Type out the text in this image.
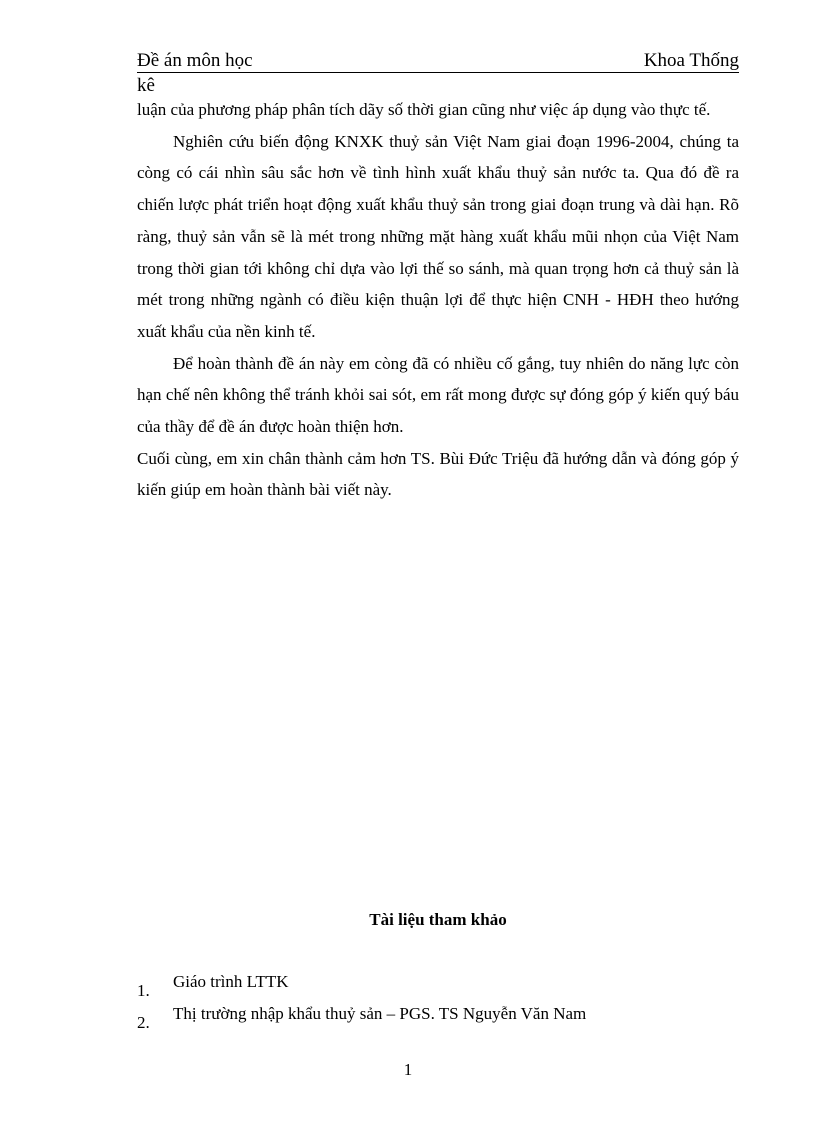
Đề án môn học	Khoa Thống
kê

luận của phương pháp phân tích dãy số thời gian cũng như việc áp dụng vào thực tế.

Nghiên cứu biến động KNXK thuỷ sản Việt Nam giai đoạn 1996-2004, chúng ta còng có cái nhìn sâu sắc hơn về tình hình xuất khẩu thuỷ sản nước ta. Qua đó đề ra chiến lược phát triển hoạt động xuất khẩu thuỷ sản trong giai đoạn trung và dài hạn. Rõ ràng, thuỷ sản vẫn sẽ là mét trong những mặt hàng xuất khẩu mũi nhọn của Việt Nam trong thời gian tới không chỉ dựa vào lợi thế so sánh, mà quan trọng hơn cả thuỷ sản là mét trong những ngành có điều kiện thuận lợi để thực hiện CNH - HĐH theo hướng xuất khẩu của nền kinh tế.

Để hoàn thành đề án này em còng đã có nhiều cố gắng, tuy nhiên do năng lực còn hạn chế nên không thể tránh khỏi sai sót, em rất mong được sự đóng góp ý kiến quý báu của thầy để đề án được hoàn thiện hơn.

Cuối cùng, em xin chân thành cảm hơn TS. Bùi Đức Triệu đã hướng dẫn và đóng góp ý kiến giúp em hoàn thành bài viết này.

Tài liệu tham khảo
1. Giáo trình LTTK
2. Thị trường nhập khẩu thuỷ sản – PGS. TS Nguyễn Văn Nam
1
